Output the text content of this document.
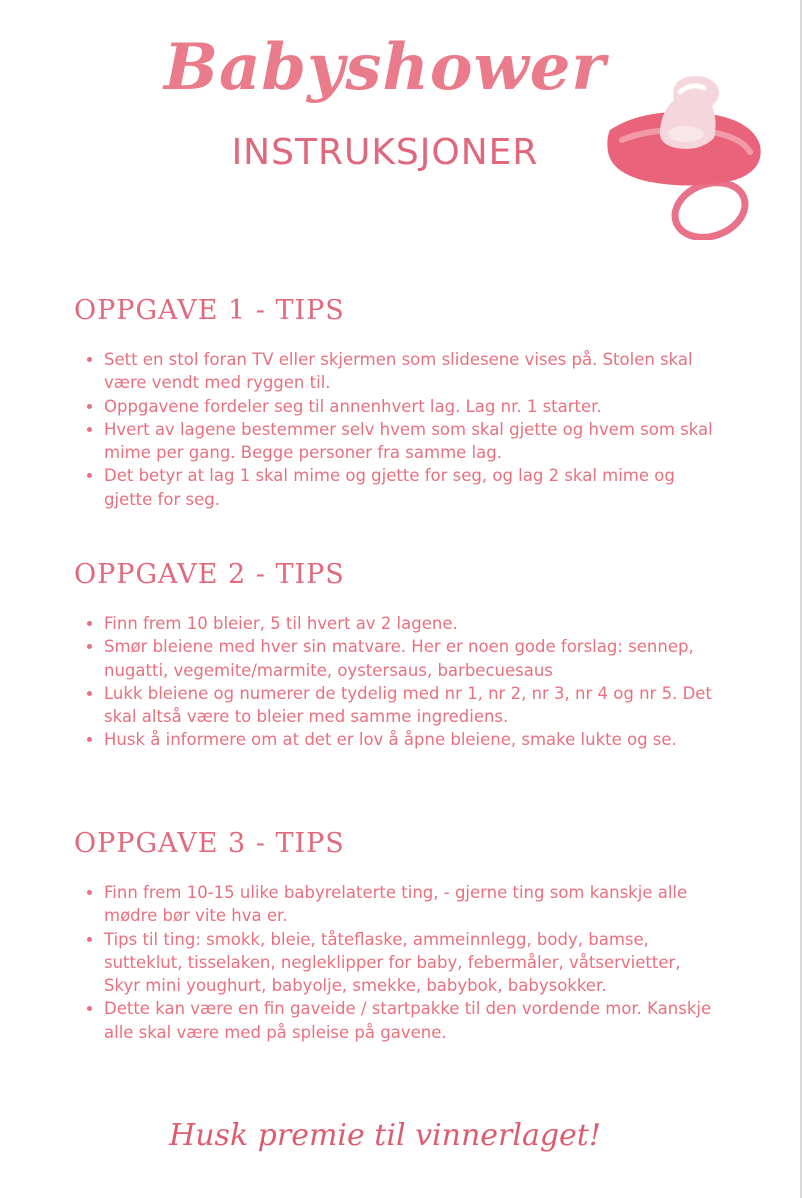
Babyshower
INSTRUKSJONER
OPPGAVE 1 - TIPS
• Sett en stol foran TV eller skjermen som slidesene vises på. Stolen skal være vendt med ryggen til.
• Oppgavene fordeler seg til annenhvert lag. Lag nr. 1 starter.
• Hvert av lagene bestemmer selv hvem som skal gjette og hvem som skal mime per gang. Begge personer fra samme lag.
• Det betyr at lag 1 skal mime og gjette for seg, og lag 2 skal mime og gjette for seg.
OPPGAVE 2 - TIPS
• Finn frem 10 bleier, 5 til hvert av 2 lagene.
• Smør bleiene med hver sin matvare. Her er noen gode forslag: sennep, nugatti, vegemite/marmite, oystersaus, barbecuesaus
• Lukk bleiene og numerer de tydelig med nr 1, nr 2, nr 3, nr 4 og nr 5. Det skal altså være to bleier med samme ingrediens.
• Husk å informere om at det er lov å åpne bleiene, smake lukte og se.
OPPGAVE 3 - TIPS
• Finn frem 10-15 ulike babyrelaterte ting, - gjerne ting som kanskje alle mødre bør vite hva er.
• Tips til ting: smokk, bleie, tåteflaske, ammeinnlegg, body, bamse, sutteklut, tisselaken, negleklipper for baby, febermåler, våtservietter, Skyr mini youghurt, babyolje, smekke, babybok, babysokker.
• Dette kan være en fin gaveide / startpakke til den vordende mor. Kanskje alle skal være med på spleise på gavene.

Husk premie til vinnerlaget!
